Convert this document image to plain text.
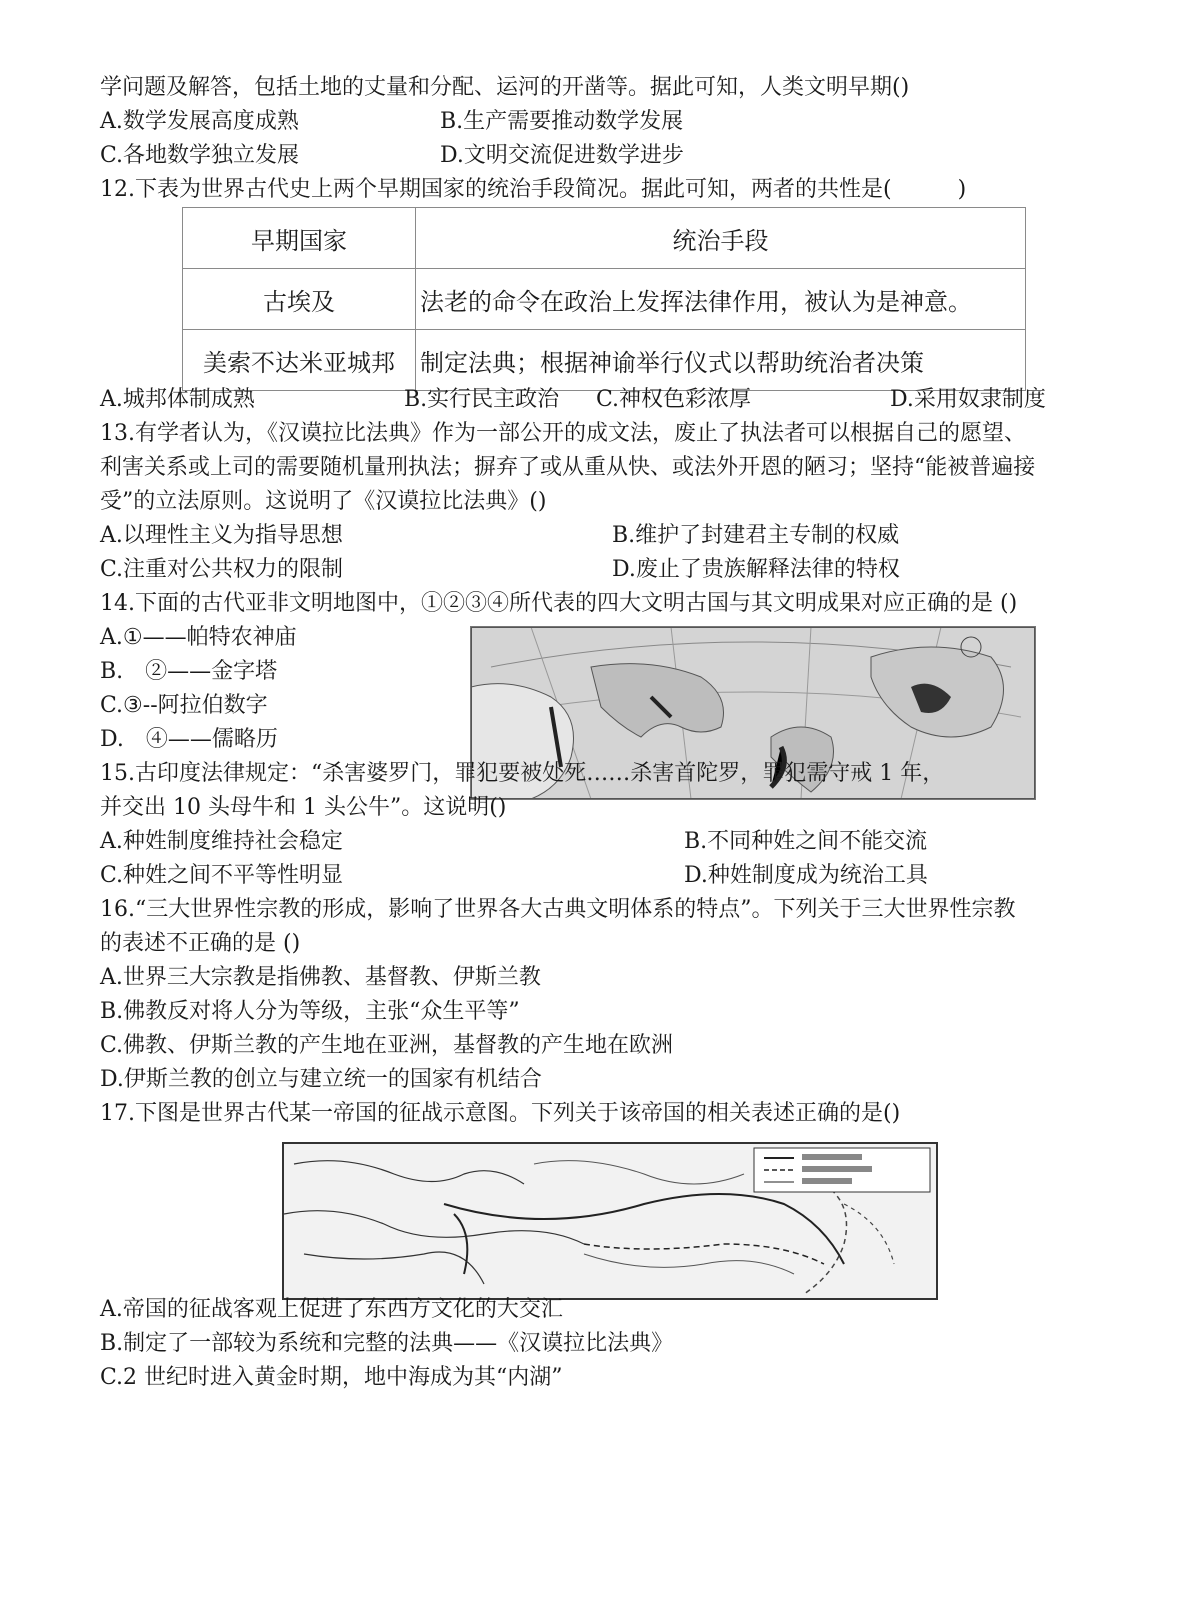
学问题及解答，包括土地的丈量和分配、运河的开凿等。据此可知，人类文明早期()
A.数学发展高度成熟	B.生产需要推动数学发展
C.各地数学独立发展	D.文明交流促进数学进步
12.下表为世界古代史上两个早期国家的统治手段简况。据此可知，两者的共性是(　　　)
早期国家	统治手段
古埃及	法老的命令在政治上发挥法律作用，被认为是神意。
美索不达米亚城邦	制定法典；根据神谕举行仪式以帮助统治者决策
A.城邦体制成熟	B.实行民主政治 C.神权色彩浓厚	D.采用奴隶制度
13.有学者认为，《汉谟拉比法典》作为一部公开的成文法，废止了执法者可以根据自己的愿望、
利害关系或上司的需要随机量刑执法；摒弃了或从重从快、或法外开恩的陋习；坚持“能被普遍接
受”的立法原则。这说明了《汉谟拉比法典》()
A.以理性主义为指导思想	B.维护了封建君主专制的权威
C.注重对公共权力的限制	D.废止了贵族解释法律的特权
14.下面的古代亚非文明地图中，①②③④所代表的四大文明古国与其文明成果对应正确的是 ()
A.①——帕特农神庙
B.　②——金字塔
C.③--阿拉伯数字
D.　④——儒略历
15.古印度法律规定：“杀害婆罗门，罪犯要被处死……杀害首陀罗，罪犯需守戒 1 年，
并交出 10 头母牛和 1 头公牛”。这说明()
A.种姓制度维持社会稳定	B.不同种姓之间不能交流
C.种姓之间不平等性明显	D.种姓制度成为统治工具
16.“三大世界性宗教的形成，影响了世界各大古典文明体系的特点”。下列关于三大世界性宗教
的表述不正确的是 ()
A.世界三大宗教是指佛教、基督教、伊斯兰教
B.佛教反对将人分为等级，主张“众生平等”
C.佛教、伊斯兰教的产生地在亚洲，基督教的产生地在欧洲
D.伊斯兰教的创立与建立统一的国家有机结合
17.下图是世界古代某一帝国的征战示意图。下列关于该帝国的相关表述正确的是()
A.帝国的征战客观上促进了东西方文化的大交汇
B.制定了一部较为系统和完整的法典——《汉谟拉比法典》
C.2 世纪时进入黄金时期，地中海成为其“内湖”
